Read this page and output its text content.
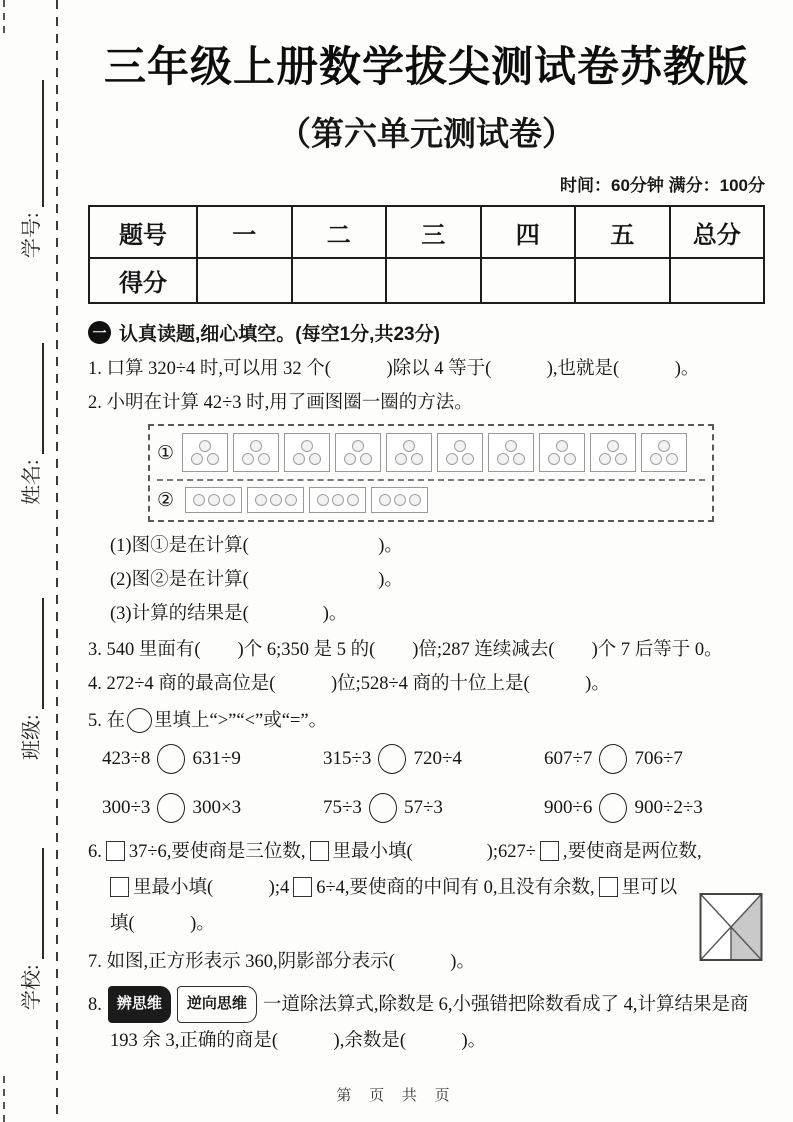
学号:
姓名:
班级:
学校:
三年级上册数学拔尖测试卷苏教版
（第六单元测试卷）
时间：60分钟 满分：100分
题号	一	二	三	四	五	总分
得分						
一 认真读题,细心填空。(每空1分,共23分)
1. 口算 320÷4 时,可以用 32 个(　　　)除以 4 等于(　　　),也就是(　　　)。
2. 小明在计算 42÷3 时,用了画图圈一圈的方法。
①
②
(1)图①是在计算(　　　　　　　)。
(2)图②是在计算(　　　　　　　)。
(3)计算的结果是(　　　　)。
3. 540 里面有(　　)个 6;350 是 5 的(　　)倍;287 连续减去(　　)个 7 后等于 0。
4. 272÷4 商的最高位是(　　　)位;528÷4 商的十位上是(　　　)。
5. 在 里填上“>”“<”或“=”。
423÷8 631÷9	315÷3 720÷4	607÷7 706÷7
300÷3 300×3	75÷3 57÷3	900÷6 900÷2÷3
6. 37÷6,要使商是三位数, 里最小填(　　　　);627÷ ,要使商是两位数,
里最小填(　　　);4 6÷4,要使商的中间有 0,且没有余数, 里可以
填(　　　)。
7. 如图,正方形表示 360,阴影部分表示(　　　)。
8.	辨思维	逆向思维 一道除法算式,除数是 6,小强错把除数看成了 4,计算结果是商
193 余 3,正确的商是(　　　),余数是(　　　)。
第 页 共 页
